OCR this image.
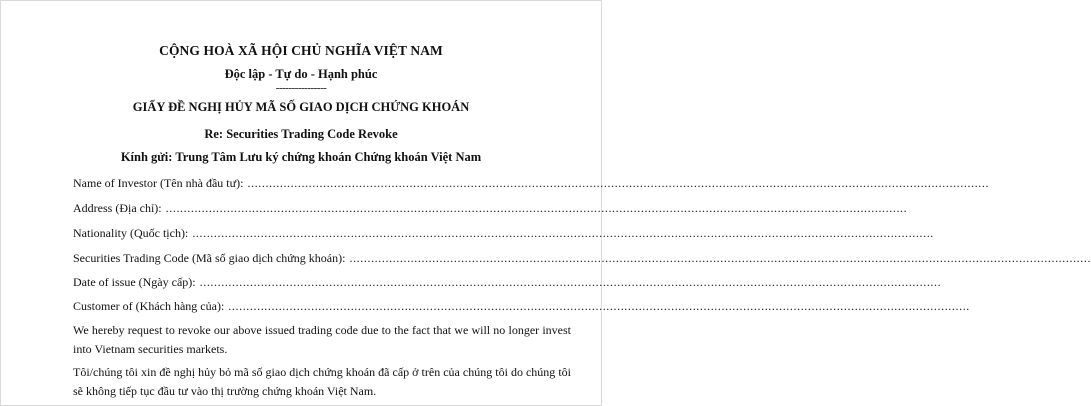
CỘNG HOÀ XÃ HỘI CHỦ NGHĨA VIỆT NAM
Độc lập - Tự do - Hạnh phúc
----------------
GIẤY ĐỀ NGHỊ HỦY MÃ SỐ GIAO DỊCH CHỨNG KHOÁN
Re: Securities Trading Code Revoke
Kính gửi: Trung Tâm Lưu ký chứng khoán Chứng khoán Việt Nam
Name of Investor (Tên nhà đầu tư): ..............................................................................................................................................................................................................
Address (Địa chỉ): ..............................................................................................................................................................................................................
Nationality (Quốc tịch): ..............................................................................................................................................................................................................
Securities Trading Code (Mã số giao dịch chứng khoán): ..............................................................................................................................................................................................................
Date of issue (Ngày cấp): ..............................................................................................................................................................................................................
Customer of (Khách hàng của): ..............................................................................................................................................................................................................
We hereby request to revoke our above issued trading code due to the fact that we will no longer invest into Vietnam securities markets.
Tôi/chúng tôi xin đề nghị hủy bỏ mã số giao dịch chứng khoán đã cấp ở trên của chúng tôi do chúng tôi sẽ không tiếp tục đầu tư vào thị trường chứng khoán Việt Nam.
